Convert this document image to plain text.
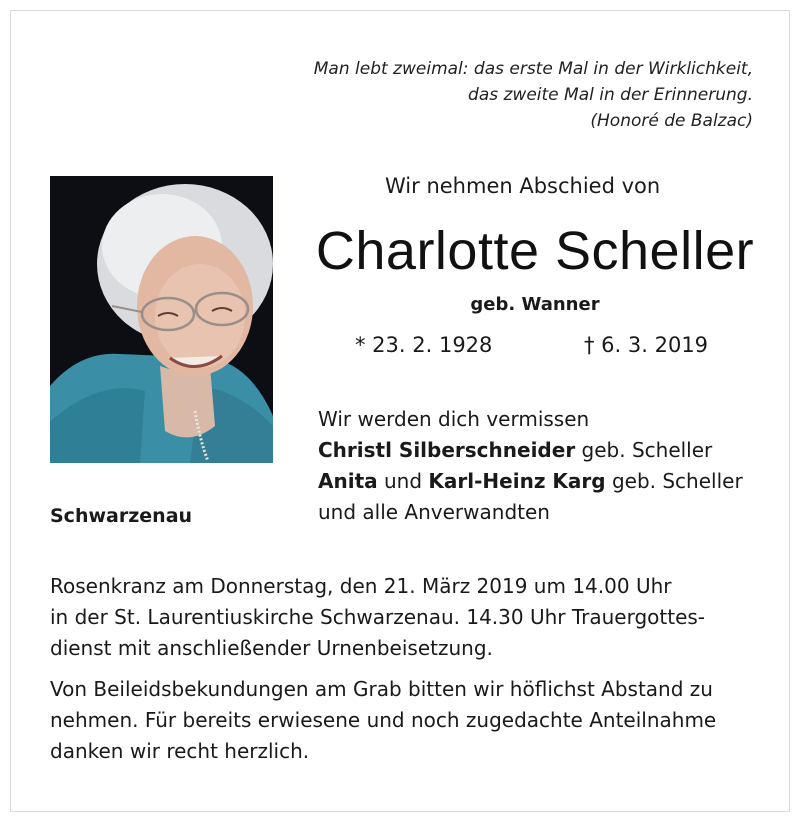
Man lebt zweimal: das erste Mal in der Wirklichkeit,
das zweite Mal in der Erinnerung.
(Honoré de Balzac)
Schwarzenau
Wir nehmen Abschied von
Charlotte Scheller
geb. Wanner
* 23. 2. 1928	† 6. 3. 2019
Wir werden dich vermissen
Christl Silberschneider geb. Scheller
Anita und Karl-Heinz Karg geb. Scheller
und alle Anverwandten

Rosenkranz am Donnerstag, den 21. März 2019 um 14.00 Uhr
in der St. Laurentiuskirche Schwarzenau. 14.30 Uhr Trauergottes-
dienst mit anschließender Urnenbeisetzung.

Von Beileidsbekundungen am Grab bitten wir höflichst Abstand zu
nehmen. Für bereits erwiesene und noch zugedachte Anteilnahme
danken wir recht herzlich.
